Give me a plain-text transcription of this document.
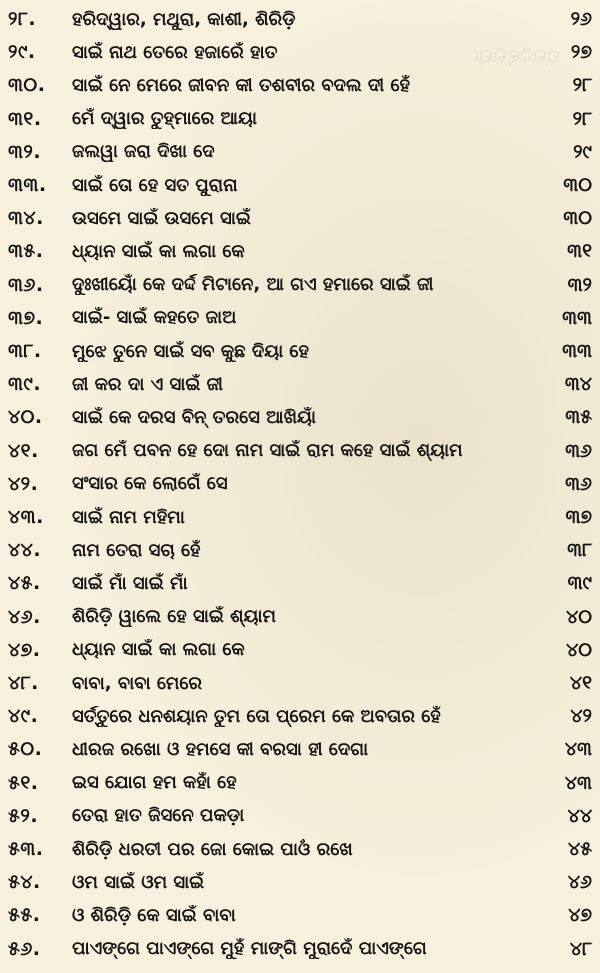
ପ୍ରତିକ୍ରିୟା
୨୮.	ହରିଦ୍ୱାର, ମଥୁରା, କାଶୀ, ଶିରିଡ଼ି	୨୬
୨୯.	ସାଇଁ ନାଥ ତେରେ ହଜାରେଁ ହାତ	୨୭
୩୦.	ସାଇଁ ନେ ମେରେ ଜୀବନ କୀ ତଶବୀର ବଦଲ ଦୀ ହେଁ	୨୮
୩୧.	ମେଁ ଦ୍ୱାର ତୁହ୍ମାରେ ଆୟା	୨୮
୩୨.	ଜଲୱା ଜରା ଦିଖା ଦେ	୨୯
୩୩.	ସାଇଁ ତୋ ହେ ସତ ପୁରାନା	୩୦
୩୪.	ଉସମେ ସାଇଁ ଉସମେ ସାଇଁ	୩୦
୩୫.	ଧ୍ୟାନ ସାଇଁ କା ଲଗା କେ	୩୧
୩୬.	ଦୁଃଖୀୟୋଁ କେ ଦର୍ଦ୍ଦ ମିଟାନେ, ଆ ଗଏ ହମାରେ ସାଇଁ ଜୀ	୩୨
୩୭.	ସାଇଁ- ସାଇଁ କହତେ ଜାଅ	୩୩
୩୮.	ମୁଝେ ତୁନେ ସାଇଁ ସବ କୁଛ ଦିୟା ହେ	୩୩
୩୯.	ଜୀ କର ଦା ଏ ସାଇଁ ଜୀ	୩୪
୪୦.	ସାଇଁ କେ ଦରସ ବିନ୍ ତରସେ ଆଖିୟାଁ	୩୫
୪୧.	ଜଗ ମେଁ ପବନ ହେ ଦୋ ନାମ ସାଇଁ ରାମ କହେ ସାଇଁ ଶ୍ୟାମ	୩୬
୪୨.	ସଂସାର କେ ଲୋଗେଁ ସେ	୩୬
୪୩.	ସାଇଁ ନାମ ମହିମା	୩୭
୪୪.	ନାମ ତେରା ସଚା ହେଁ	୩୮
୪୫.	ସାଇଁ ମାଁ ସାଇଁ ମାଁ	୩୯
୪୬.	ଶିରିଡ଼ି ୱାଲେ ହେ ସାଇଁ ଶ୍ୟାମ	୪୦
୪୭.	ଧ୍ୟାନ ସାଇଁ କା ଲଗା କେ	୪୦
୪୮.	ବାବା, ବାବା ମେରେ	୪୧
୪୯.	ସର୍ତ୍ତୁରେ ଧନଶୟାନ ତୁମ ତୋ ପ୍ରେମ କେ ଅବତାର ହେଁ	୪୨
୫୦.	ଧୀରଜ ରଖୋ ଓ ହମସେ କୀ ବରସା ହୀ ଦେଗା	୪୩
୫୧.	ଇସ ଯୋଗ ହମ କହାଁ ହେ	୪୩
୫୨.	ତେରା ହାତ ଜିସନେ ପକଡ଼ା	୪୪
୫୩.	ଶିରିଡ଼ି ଧରତୀ ପର ଜୋ କୋଇ ପାଓଁ ରଖେ	୪୫
୫୪.	ଓମ ସାଇଁ ଓମ ସାଇଁ	୪୬
୫୫.	ଓ ଶିରିଡ଼ି କେ ସାଇଁ ବାବା	୪୭
୫୬.	ପାଏଙ୍ଗେ ପାଏଙ୍ଗେ ମୁହଁ ମାଙ୍ଗି ମୁରାଦେଁ ପାଏଙ୍ଗେ	୪୮
